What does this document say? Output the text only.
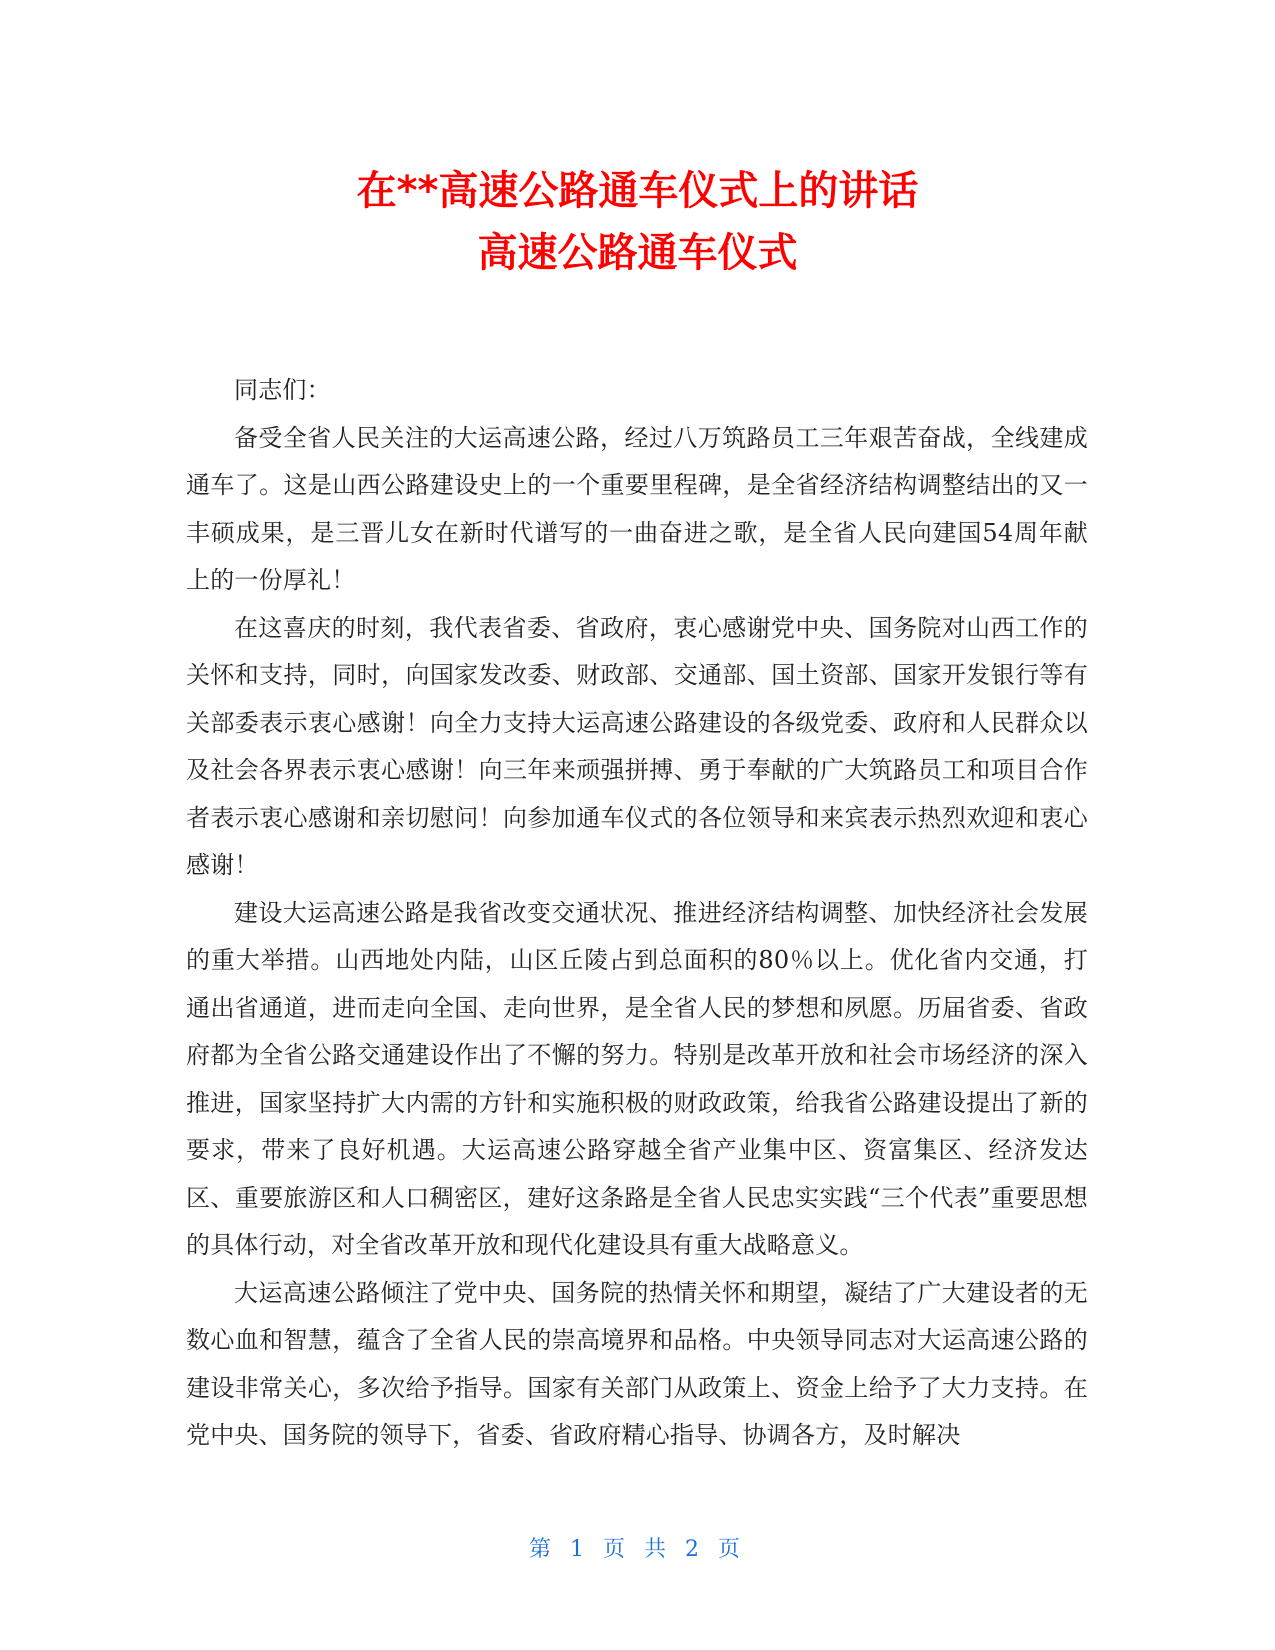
在**高速公路通车仪式上的讲话
高速公路通车仪式

同志们：

备受全省人民关注的大运高速公路，经过八万筑路员工三年艰苦奋战，全线建成通车了。这是山西公路建设史上的一个重要里程碑，是全省经济结构调整结出的又一丰硕成果，是三晋儿女在新时代谱写的一曲奋进之歌，是全省人民向建国54周年献上的一份厚礼！

在这喜庆的时刻，我代表省委、省政府，衷心感谢党中央、国务院对山西工作的关怀和支持，同时，向国家发改委、财政部、交通部、国土资部、国家开发银行等有关部委表示衷心感谢！向全力支持大运高速公路建设的各级党委、政府和人民群众以及社会各界表示衷心感谢！向三年来顽强拼搏、勇于奉献的广大筑路员工和项目合作者表示衷心感谢和亲切慰问！向参加通车仪式的各位领导和来宾表示热烈欢迎和衷心感谢！

建设大运高速公路是我省改变交通状况、推进经济结构调整、加快经济社会发展的重大举措。山西地处内陆，山区丘陵占到总面积的80％以上。优化省内交通，打通出省通道，进而走向全国、走向世界，是全省人民的梦想和夙愿。历届省委、省政府都为全省公路交通建设作出了不懈的努力。特别是改革开放和社会市场经济的深入推进，国家坚持扩大内需的方针和实施积极的财政政策，给我省公路建设提出了新的要求，带来了良好机遇。大运高速公路穿越全省产业集中区、资富集区、经济发达区、重要旅游区和人口稠密区，建好这条路是全省人民忠实实践“三个代表”重要思想的具体行动，对全省改革开放和现代化建设具有重大战略意义。

大运高速公路倾注了党中央、国务院的热情关怀和期望，凝结了广大建设者的无数心血和智慧，蕴含了全省人民的崇高境界和品格。中央领导同志对大运高速公路的建设非常关心，多次给予指导。国家有关部门从政策上、资金上给予了大力支持。在党中央、国务院的领导下，省委、省政府精心指导、协调各方，及时解决

第 1 页 共 2 页
